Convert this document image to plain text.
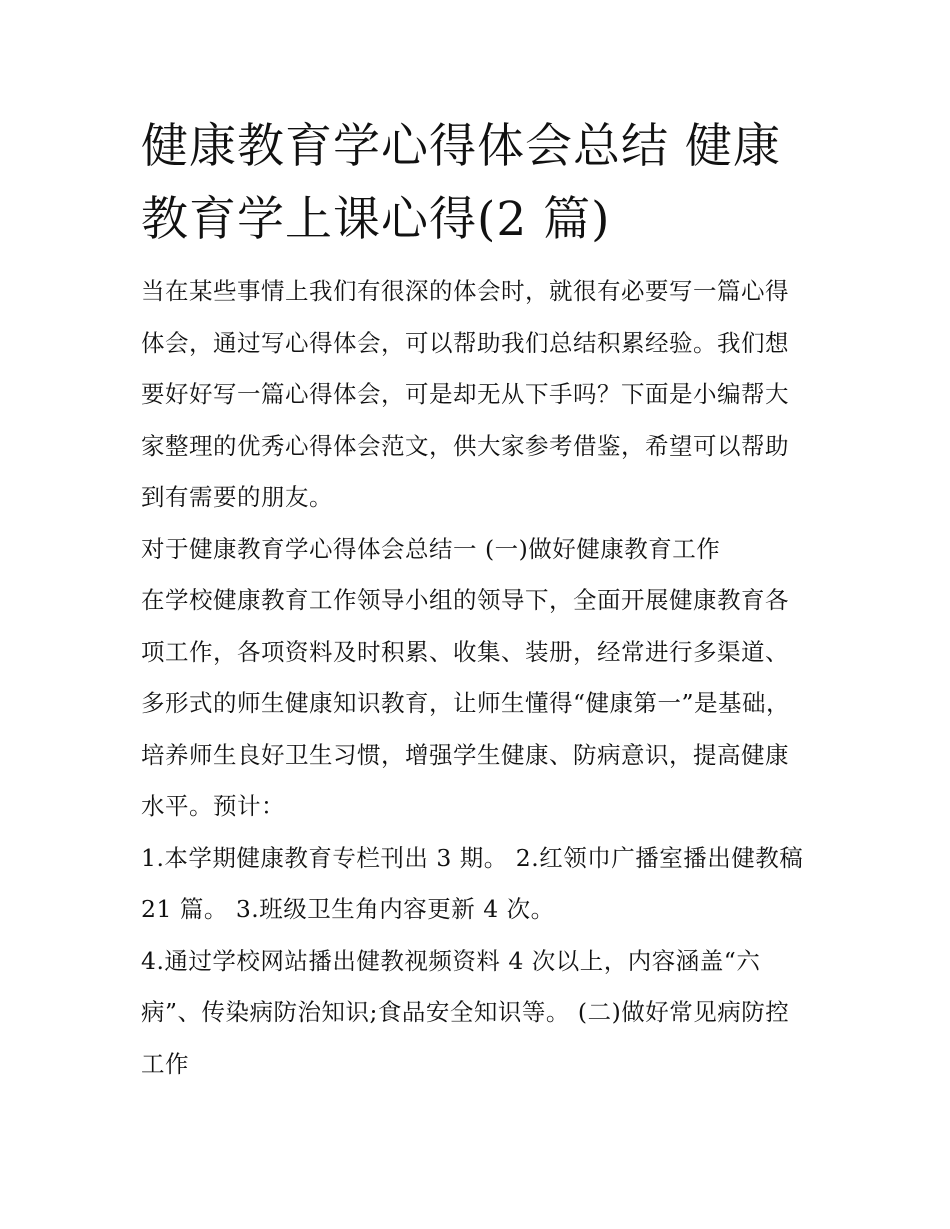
健康教育学心得体会总结 健康
教育学上课心得(2 篇)

当在某些事情上我们有很深的体会时，就很有必要写一篇心得
体会，通过写心得体会，可以帮助我们总结积累经验。我们想
要好好写一篇心得体会，可是却无从下手吗？下面是小编帮大
家整理的优秀心得体会范文，供大家参考借鉴，希望可以帮助
到有需要的朋友。

对于健康教育学心得体会总结一 (一)做好健康教育工作

在学校健康教育工作领导小组的领导下，全面开展健康教育各
项工作，各项资料及时积累、收集、装册，经常进行多渠道、
多形式的师生健康知识教育，让师生懂得“健康第一”是基础，
培养师生良好卫生习惯，增强学生健康、防病意识，提高健康
水平。预计：

1.本学期健康教育专栏刊出 3 期。 2.红领巾广播室播出健教稿
21 篇。 3.班级卫生角内容更新 4 次。

4.通过学校网站播出健教视频资料 4 次以上，内容涵盖“六
病”、传染病防治知识;食品安全知识等。 (二)做好常见病防控
工作
